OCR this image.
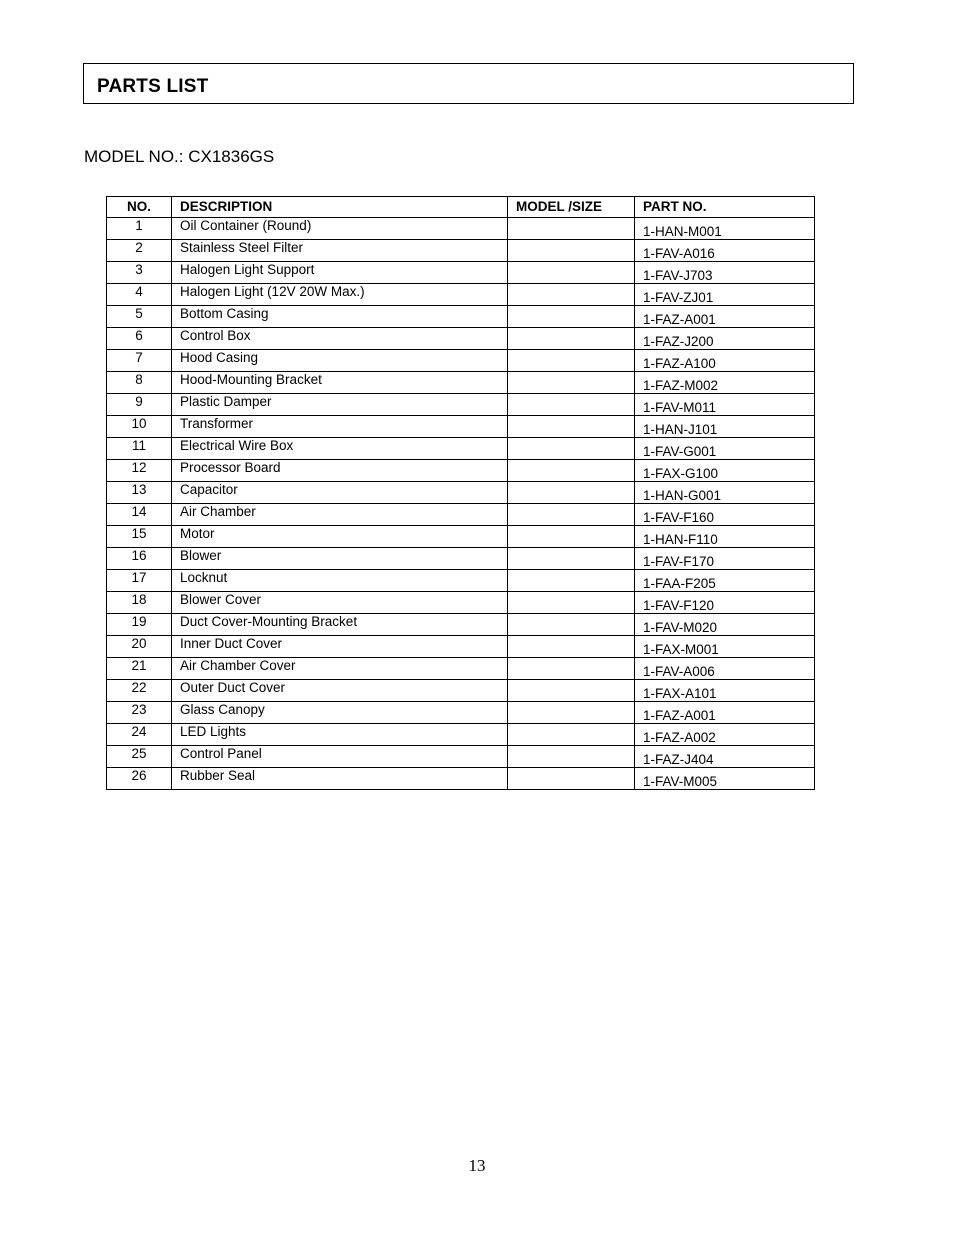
PARTS LIST
MODEL NO.: CX1836GS
NO.	DESCRIPTION	MODEL /SIZE	PART NO.
1	Oil Container (Round)		1-HAN-M001
2	Stainless Steel Filter		1-FAV-A016
3	Halogen Light Support		1-FAV-J703
4	Halogen Light (12V 20W Max.)		1-FAV-ZJ01
5	Bottom Casing		1-FAZ-A001
6	Control Box		1-FAZ-J200
7	Hood Casing		1-FAZ-A100
8	Hood-Mounting Bracket		1-FAZ-M002
9	Plastic Damper		1-FAV-M011
10	Transformer		1-HAN-J101
11	Electrical Wire Box		1-FAV-G001
12	Processor Board		1-FAX-G100
13	Capacitor		1-HAN-G001
14	Air Chamber		1-FAV-F160
15	Motor		1-HAN-F110
16	Blower		1-FAV-F170
17	Locknut		1-FAA-F205
18	Blower Cover		1-FAV-F120
19	Duct Cover-Mounting Bracket		1-FAV-M020
20	Inner Duct Cover		1-FAX-M001
21	Air Chamber Cover		1-FAV-A006
22	Outer Duct Cover		1-FAX-A101
23	Glass Canopy		1-FAZ-A001
24	LED Lights		1-FAZ-A002
25	Control Panel		1-FAZ-J404
26	Rubber Seal		1-FAV-M005
13
